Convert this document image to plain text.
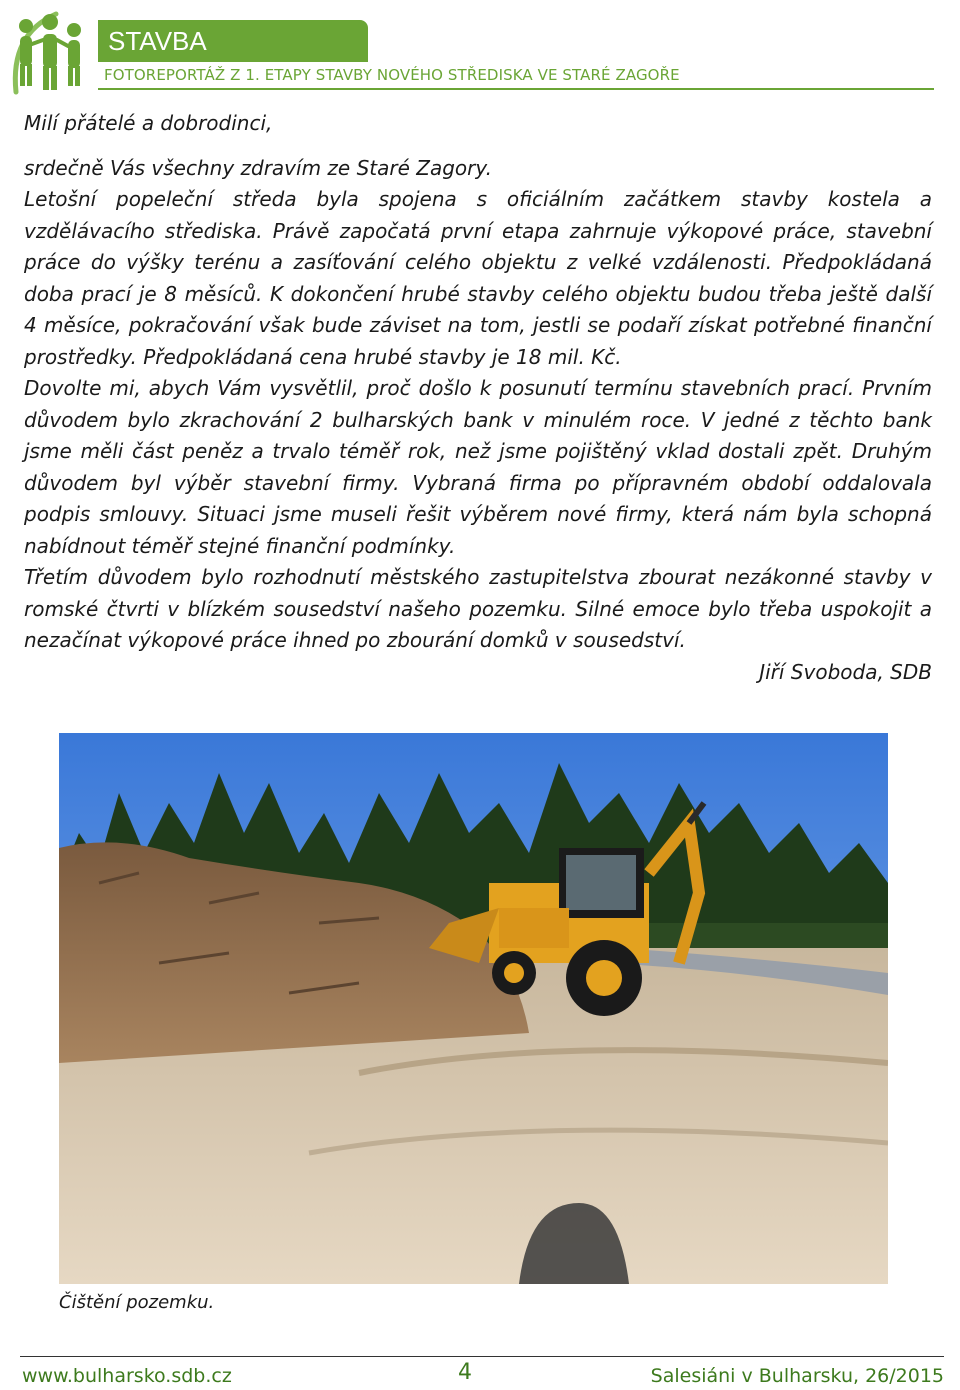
STAVBA
FOTOREPORTÁŽ Z 1. ETAPY STAVBY NOVÉHO STŘEDISKA VE STARÉ ZAGOŘE

Milí přátelé a dobrodinci,

srdečně Vás všechny zdravím ze Staré Zagory.

Letošní popeleční středa byla spojena s oficiálním začátkem stavby kostela a vzdělávacího střediska. Právě započatá první etapa zahrnuje výkopové práce, stavební práce do výšky terénu a zasíťování celého objektu z velké vzdálenosti. Předpokládaná doba prací je 8 měsíců. K dokončení hrubé stavby celého objektu budou třeba ještě další 4 měsíce, pokračování však bude záviset na tom, jestli se podaří získat potřebné finanční prostředky. Předpokládaná cena hrubé stavby je 18 mil. Kč.

Dovolte mi, abych Vám vysvětlil, proč došlo k posunutí termínu stavebních prací. Prvním důvodem bylo zkrachování 2 bulharských bank v minulém roce. V jedné z těchto bank jsme měli část peněz a trvalo téměř rok, než jsme pojištěný vklad dostali zpět. Druhým důvodem byl výběr stavební firmy. Vybraná firma po přípravném období oddalovala podpis smlouvy. Situaci jsme museli řešit výběrem nové firmy, která nám byla schopná nabídnout téměř stejné finanční podmínky.

Třetím důvodem bylo rozhodnutí městského zastupitelstva zbourat nezákonné stavby v romské čtvrti v blízkém sousedství našeho pozemku. Silné emoce bylo třeba uspokojit a nezačínat výkopové práce ihned po zbourání domků v sousedství.

Jiří Svoboda, SDB

Čištění pozemku.
www.bulharsko.sdb.cz	4	Salesiáni v Bulharsku, 26/2015
